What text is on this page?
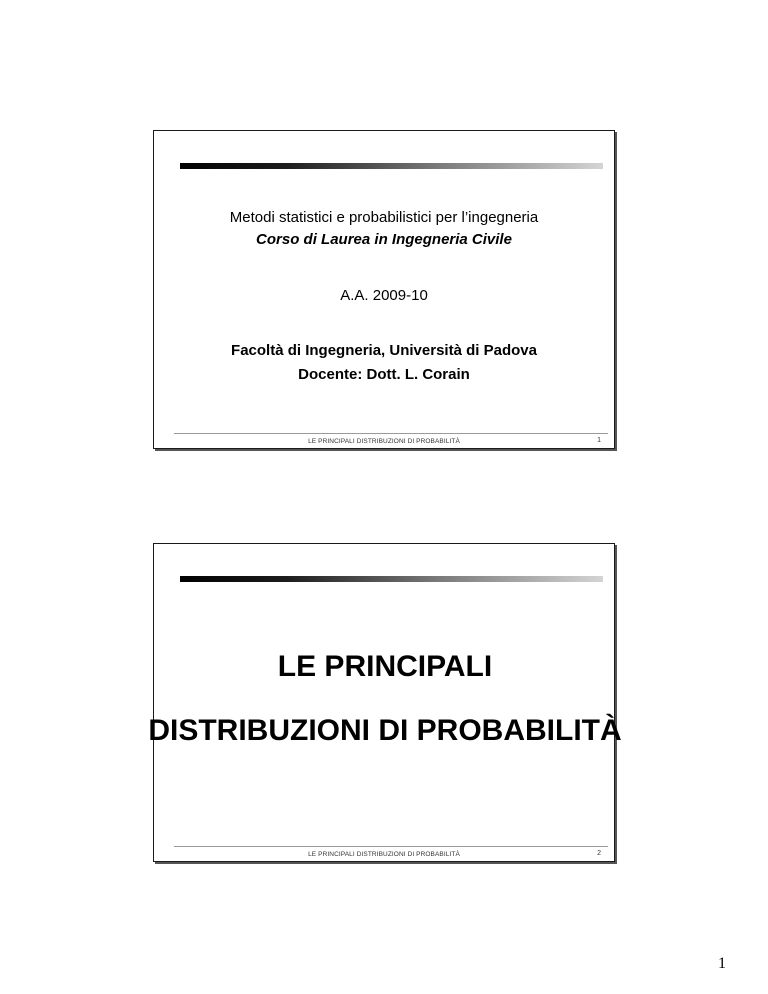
Metodi statistici e probabilistici per l’ingegneria
Corso di Laurea in Ingegneria Civile
A.A. 2009-10
Facoltà di Ingegneria, Università di Padova
Docente: Dott. L. Corain
LE PRINCIPALI DISTRIBUZIONI DI PROBABILITÀ	1
LE PRINCIPALI
DISTRIBUZIONI DI PROBABILITÀ
LE PRINCIPALI DISTRIBUZIONI DI PROBABILITÀ	2
1
